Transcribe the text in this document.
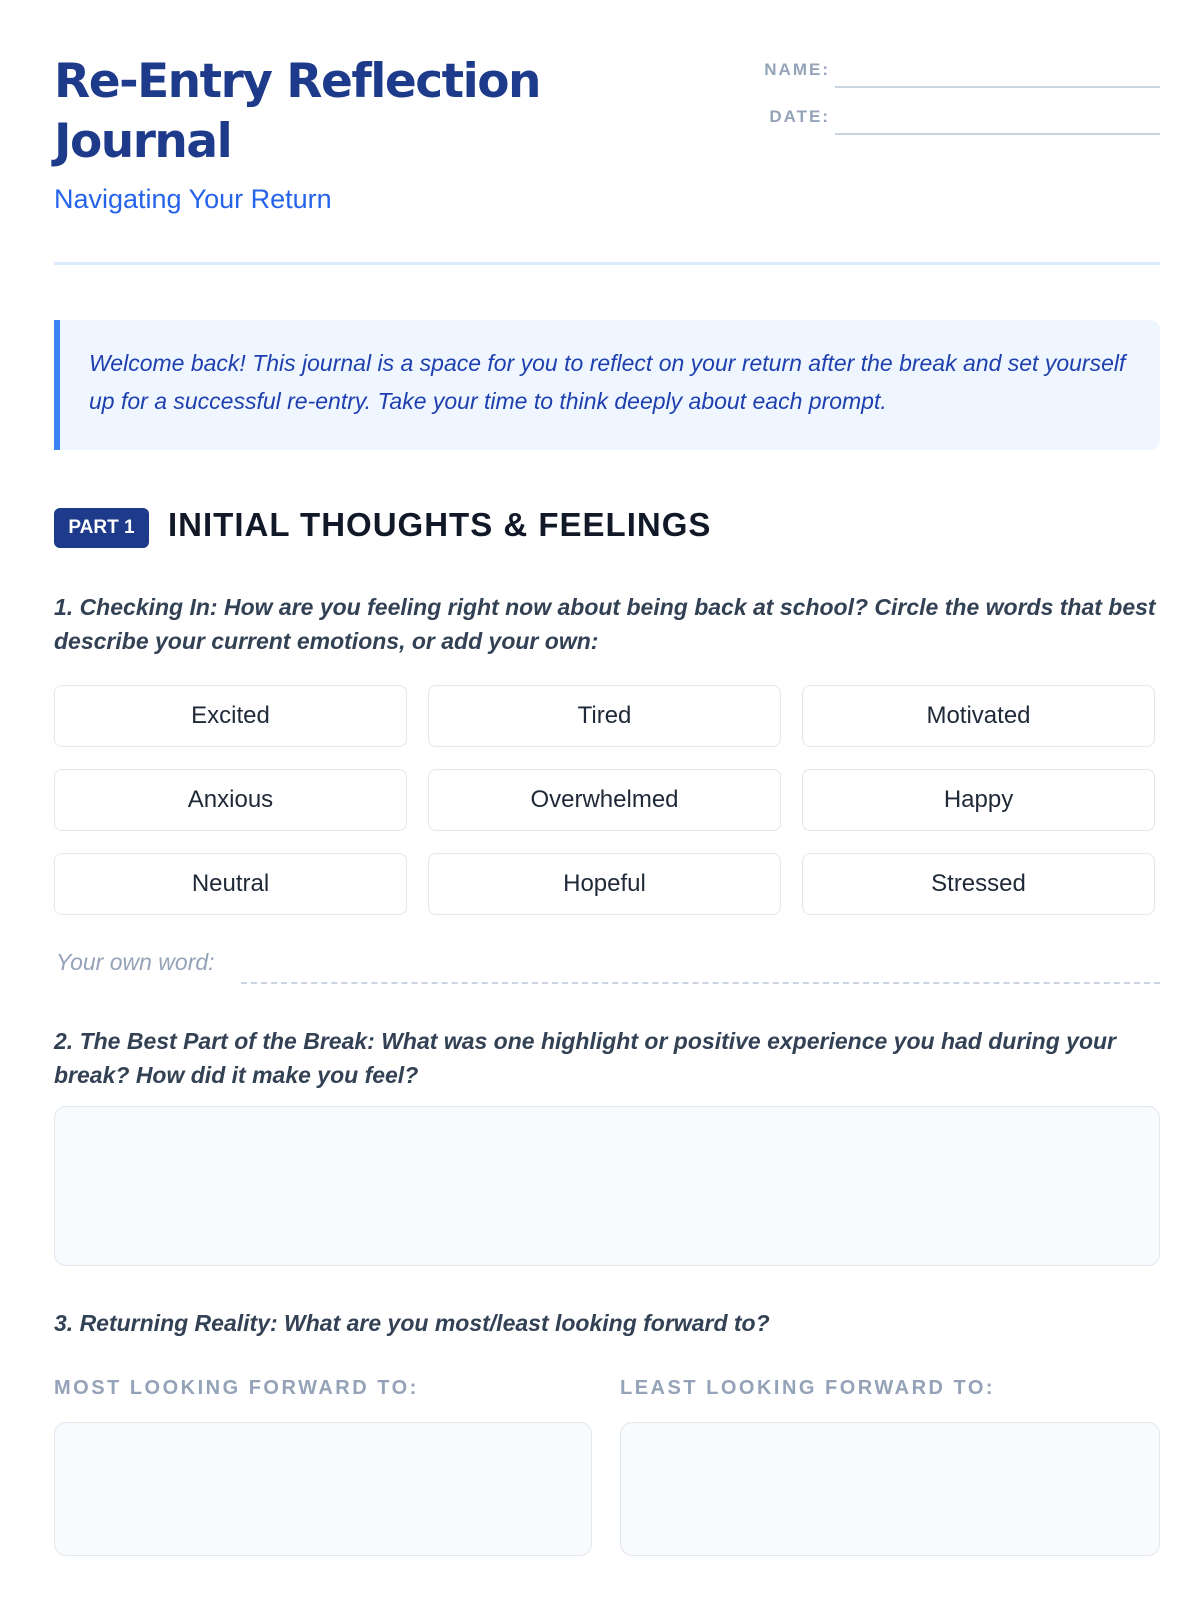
Re-Entry Reflection Journal
Navigating Your Return
NAME:
DATE:
Welcome back! This journal is a space for you to reflect on your return after the break and set yourself up for a successful re-entry. Take your time to think deeply about each prompt.
PART 1	INITIAL THOUGHTS & FEELINGS
1. Checking In: How are you feeling right now about being back at school? Circle the words that best describe your current emotions, or add your own:
Excited	Tired	Motivated
Anxious	Overwhelmed	Happy
Neutral	Hopeful	Stressed
Your own word:
2. The Best Part of the Break: What was one highlight or positive experience you had during your break? How did it make you feel?
3. Returning Reality: What are you most/least looking forward to?
MOST LOOKING FORWARD TO:	LEAST LOOKING FORWARD TO:
